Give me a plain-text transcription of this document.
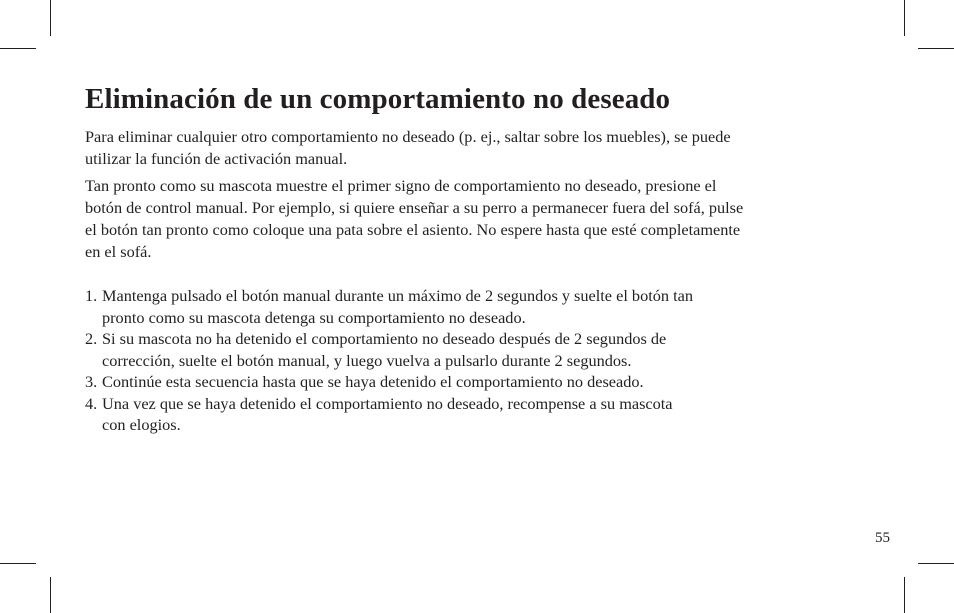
Eliminación de un comportamiento no deseado

Para eliminar cualquier otro comportamiento no deseado (p. ej., saltar sobre los muebles), se puede
utilizar la función de activación manual.

Tan pronto como su mascota muestre el primer signo de comportamiento no deseado, presione el
botón de control manual. Por ejemplo, si quiere enseñar a su perro a permanecer fuera del sofá, pulse
el botón tan pronto como coloque una pata sobre el asiento. No espere hasta que esté completamente
en el sofá.

1. Mantenga pulsado el botón manual durante un máximo de 2 segundos y suelte el botón tan
pronto como su mascota detenga su comportamiento no deseado.
2. Si su mascota no ha detenido el comportamiento no deseado después de 2 segundos de
corrección, suelte el botón manual, y luego vuelva a pulsarlo durante 2 segundos.
3. Continúe esta secuencia hasta que se haya detenido el comportamiento no deseado.
4. Una vez que se haya detenido el comportamiento no deseado, recompense a su mascota
con elogios.
55
